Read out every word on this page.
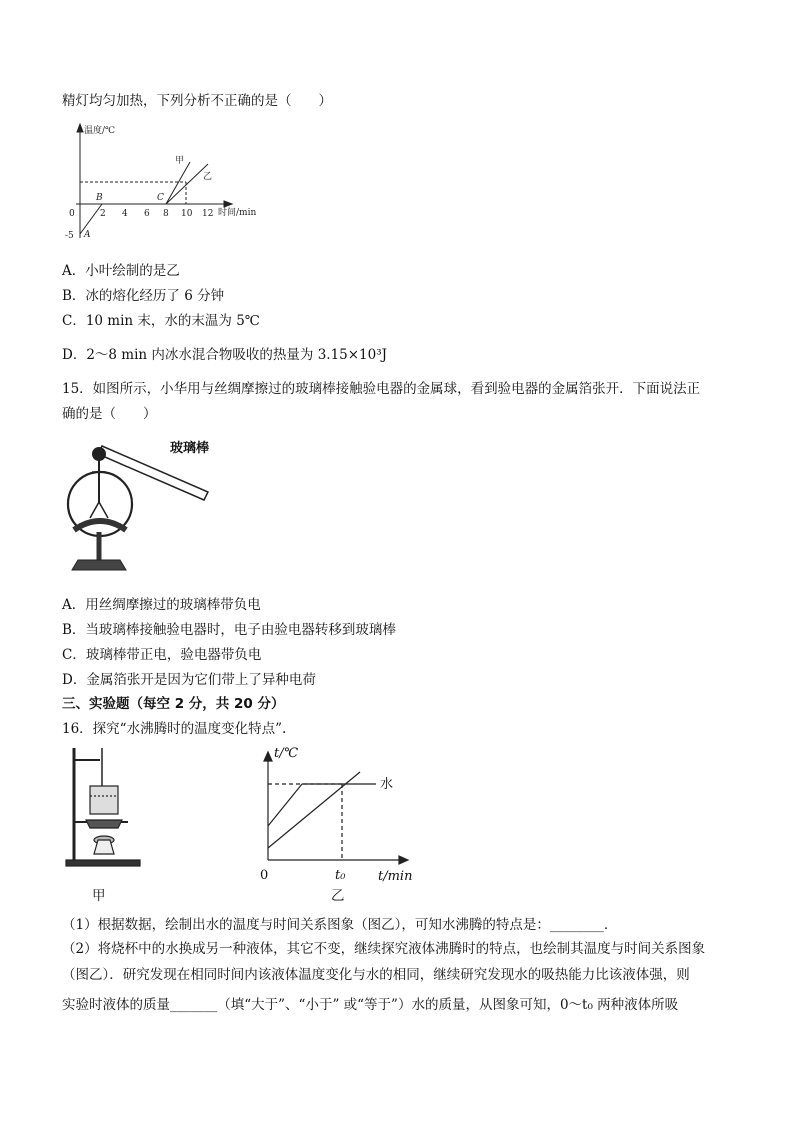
精灯均匀加热，下列分析不正确的是（　　）
温度/℃
时间/min
0	2 4 6 8 10 12
-5 A
B	C
甲
乙
A．小叶绘制的是乙
B．冰的熔化经历了 6 分钟
C．10 min 末，水的末温为 5℃
D．2～8 min 内冰水混合物吸收的热量为 3.15×10³J
15．如图所示，小华用与丝绸摩擦过的玻璃棒接触验电器的金属球，看到验电器的金属箔张开．下面说法正
确的是（　　）
玻璃棒
A．用丝绸摩擦过的玻璃棒带负电
B．当玻璃棒接触验电器时，电子由验电器转移到玻璃棒
C．玻璃棒带正电，验电器带负电
D．金属箔张开是因为它们带上了异种电荷
三、实验题（每空 2 分，共 20 分）
16．探究“水沸腾时的温度变化特点”.
甲
t/℃
t/min
0	t₀
水
乙
（1）根据数据，绘制出水的温度与时间关系图象（图乙），可知水沸腾的特点是：________．
（2）将烧杯中的水换成另一种液体，其它不变，继续探究液体沸腾时的特点，也绘制其温度与时间关系图象
（图乙）．研究发现在相同时间内该液体温度变化与水的相同，继续研究发现水的吸热能力比该液体强，则
实验时液体的质量_______（填“大于”、“小于” 或“等于”）水的质量，从图象可知，0～t₀ 两种液体所吸
